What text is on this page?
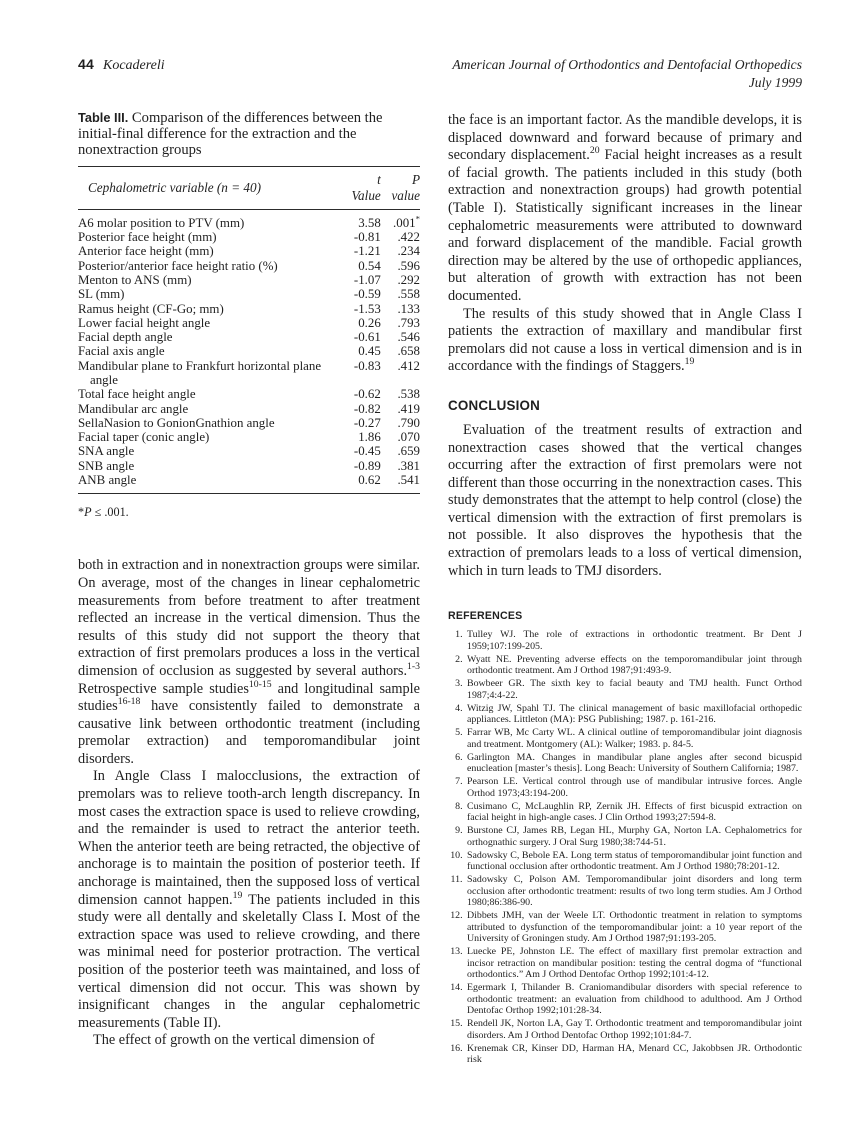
44 Kocadereli	American Journal of Orthodontics and Dentofacial Orthopedics
July 1999
Table III. Comparison of the differences between the initial-final difference for the extraction and the nonextraction groups
Cephalometric variable (n = 40)	t Value	P value
A6 molar position to PTV (mm)	3.58	.001*
Posterior face height (mm)	-0.81	.422
Anterior face height (mm)	-1.21	.234
Posterior/anterior face height ratio (%)	0.54	.596
Menton to ANS (mm)	-1.07	.292
SL (mm)	-0.59	.558
Ramus height (CF-Go; mm)	-1.53	.133
Lower facial height angle	0.26	.793
Facial depth angle	-0.61	.546
Facial axis angle	0.45	.658
Mandibular plane to Frankfurt horizontal plane angle	-0.83	.412
Total face height angle	-0.62	.538
Mandibular arc angle	-0.82	.419
SellaNasion to GonionGnathion angle	-0.27	.790
Facial taper (conic angle)	1.86	.070
SNA angle	-0.45	.659
SNB angle	-0.89	.381
ANB angle	0.62	.541
*P ≤ .001.

both in extraction and in nonextraction groups were similar. On average, most of the changes in linear cephalometric measurements from before treatment to after treatment reflected an increase in the vertical dimension. Thus the results of this study did not support the theory that extraction of first premolars produces a loss in the vertical dimension of occlusion as suggested by several authors.$^{1-3}$ Retrospective sample studies$^{10-15}$ and longitudinal sample studies$^{16-18}$ have consistently failed to demonstrate a causative link between orthodontic treatment (including premolar extraction) and temporomandibular joint disorders.

In Angle Class I malocclusions, the extraction of premolars was to relieve tooth-arch length discrepancy. In most cases the extraction space is used to relieve crowding, and the remainder is used to retract the anterior teeth. When the anterior teeth are being retracted, the objective of anchorage is to maintain the position of posterior teeth. If anchorage is maintained, then the supposed loss of vertical dimension cannot happen.$^{19}$ The patients included in this study were all dentally and skeletally Class I. Most of the extraction space was used to relieve crowding, and there was minimal need for posterior protraction. The vertical position of the posterior teeth was maintained, and loss of vertical dimension did not occur. This was shown by insignificant changes in the angular cephalometric measurements (Table II).

The effect of growth on the vertical dimension of

the face is an important factor. As the mandible develops, it is displaced downward and forward because of primary and secondary displacement.$^{20}$ Facial height increases as a result of facial growth. The patients included in this study (both extraction and nonextraction groups) had growth potential (Table I). Statistically significant increases in the linear cephalometric measurements were attributed to downward and forward displacement of the mandible. Facial growth direction may be altered by the use of orthopedic appliances, but alteration of growth with extraction has not been documented.

The results of this study showed that in Angle Class I patients the extraction of maxillary and mandibular first premolars did not cause a loss in vertical dimension and is in accordance with the findings of Staggers.$^{19}$

CONCLUSION

Evaluation of the treatment results of extraction and nonextraction cases showed that the vertical changes occurring after the extraction of first premolars were not different than those occurring in the nonextraction cases. This study demonstrates that the attempt to help control (close) the vertical dimension with the extraction of first premolars is not possible. It also disproves the hypothesis that the extraction of premolars leads to a loss of vertical dimension, which in turn leads to TMJ disorders.

REFERENCES
1. Tulley WJ. The role of extractions in orthodontic treatment. Br Dent J 1959;107:199-205.
2. Wyatt NE. Preventing adverse effects on the temporomandibular joint through orthodontic treatment. Am J Orthod 1987;91:493-9.
3. Bowbeer GR. The sixth key to facial beauty and TMJ health. Funct Orthod 1987;4:4-22.
4. Witzig JW, Spahl TJ. The clinical management of basic maxillofacial orthopedic appliances. Littleton (MA): PSG Publishing; 1987. p. 161-216.
5. Farrar WB, Mc Carty WL. A clinical outline of temporomandibular joint diagnosis and treatment. Montgomery (AL): Walker; 1983. p. 84-5.
6. Garlington MA. Changes in mandibular plane angles after second bicuspid enucleation [master’s thesis]. Long Beach: University of Southern California; 1987.
7. Pearson LE. Vertical control through use of mandibular intrusive forces. Angle Orthod 1973;43:194-200.
8. Cusimano C, McLaughlin RP, Zernik JH. Effects of first bicuspid extraction on facial height in high-angle cases. J Clin Orthod 1993;27:594-8.
9. Burstone CJ, James RB, Legan HL, Murphy GA, Norton LA. Cephalometrics for orthognathic surgery. J Oral Surg 1980;38:744-51.
10. Sadowsky C, Bebole EA. Long term status of temporomandibular joint function and functional occlusion after orthodontic treatment. Am J Orthod 1980;78:201-12.
11. Sadowsky C, Polson AM. Temporomandibular joint disorders and long term occlusion after orthodontic treatment: results of two long term studies. Am J Orthod 1980;86:386-90.
12. Dibbets JMH, van der Weele LT. Orthodontic treatment in relation to symptoms attributed to dysfunction of the temporomandibular joint: a 10 year report of the University of Groningen study. Am J Orthod 1987;91:193-205.
13. Luecke PE, Johnston LE. The effect of maxillary first premolar extraction and incisor retraction on mandibular position: testing the central dogma of “functional orthodontics.” Am J Orthod Dentofac Orthop 1992;101:4-12.
14. Egermark I, Thilander B. Craniomandibular disorders with special reference to orthodontic treatment: an evaluation from childhood to adulthood. Am J Orthod Dentofac Orthop 1992;101:28-34.
15. Rendell JK, Norton LA, Gay T. Orthodontic treatment and temporomandibular joint disorders. Am J Orthod Dentofac Orthop 1992;101:84-7.
16. Krenemak CR, Kinser DD, Harman HA, Menard CC, Jakobbsen JR. Orthodontic risk
